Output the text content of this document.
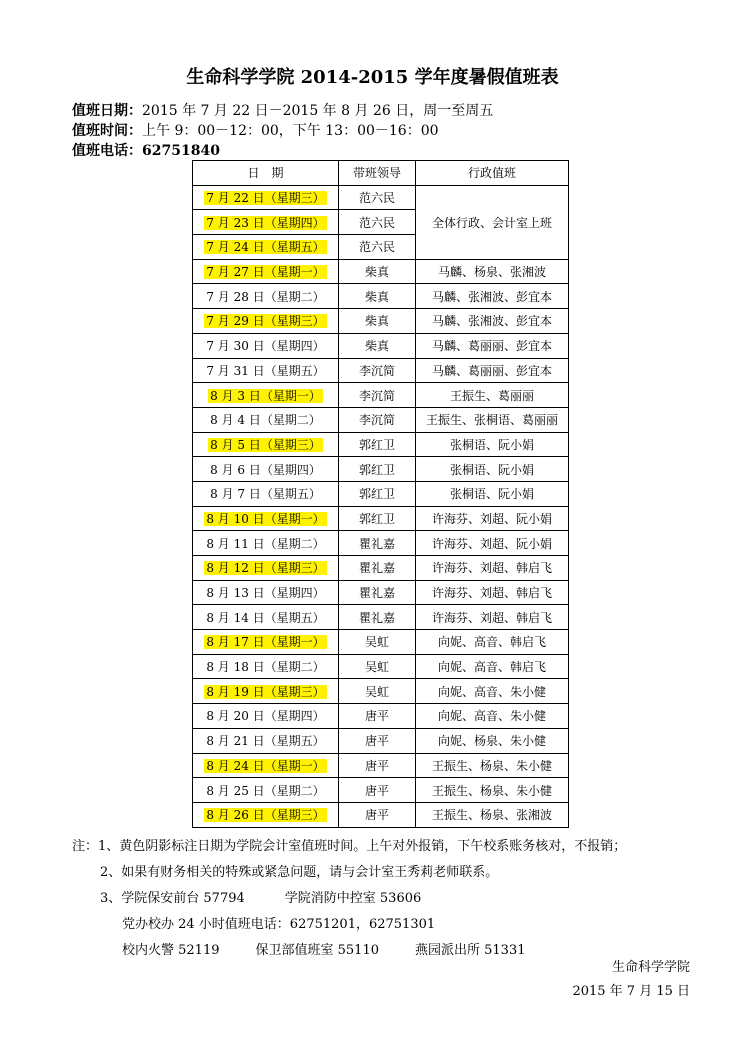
生命科学学院 2014-2015 学年度暑假值班表
值班日期：2015 年 7 月 22 日－2015 年 8 月 26 日，周一至周五
值班时间：上午 9：00－12：00，下午 13：00－16：00
值班电话：62751840
日　期	带班领导	行政值班
7 月 22 日（星期三）	范六民	全体行政、会计室上班
7 月 23 日（星期四）	范六民	
7 月 24 日（星期五）	范六民	
7 月 27 日（星期一）	柴真	马麟、杨泉、张湘波
7 月 28 日（星期二）	柴真	马麟、张湘波、彭宜本
7 月 29 日（星期三）	柴真	马麟、张湘波、彭宜本
7 月 30 日（星期四）	柴真	马麟、葛丽丽、彭宜本
7 月 31 日（星期五）	李沉简	马麟、葛丽丽、彭宜本
8 月 3 日（星期一）	李沉简	王振生、葛丽丽
8 月 4 日（星期二）	李沉简	王振生、张桐语、葛丽丽
8 月 5 日（星期三）	郭红卫	张桐语、阮小娟
8 月 6 日（星期四）	郭红卫	张桐语、阮小娟
8 月 7 日（星期五）	郭红卫	张桐语、阮小娟
8 月 10 日（星期一）	郭红卫	许海芬、刘超、阮小娟
8 月 11 日（星期二）	瞿礼嘉	许海芬、刘超、阮小娟
8 月 12 日（星期三）	瞿礼嘉	许海芬、刘超、韩启飞
8 月 13 日（星期四）	瞿礼嘉	许海芬、刘超、韩启飞
8 月 14 日（星期五）	瞿礼嘉	许海芬、刘超、韩启飞
8 月 17 日（星期一）	吴虹	向妮、高音、韩启飞
8 月 18 日（星期二）	吴虹	向妮、高音、韩启飞
8 月 19 日（星期三）	吴虹	向妮、高音、朱小健
8 月 20 日（星期四）	唐平	向妮、高音、朱小健
8 月 21 日（星期五）	唐平	向妮、杨泉、朱小健
8 月 24 日（星期一）	唐平	王振生、杨泉、朱小健
8 月 25 日（星期二）	唐平	王振生、杨泉、朱小健
8 月 26 日（星期三）	唐平	王振生、杨泉、张湘波
注：1、黄色阴影标注日期为学院会计室值班时间。上午对外报销，下午校系账务核对，不报销；
2、如果有财务相关的特殊或紧急问题，请与会计室王秀莉老师联系。
3、学院保安前台 57794	学院消防中控室 53606
党办校办 24 小时值班电话：62751201，62751301
校内火警 52119	保卫部值班室 55110	燕园派出所 51331
生命科学学院
2015 年 7 月 15 日
